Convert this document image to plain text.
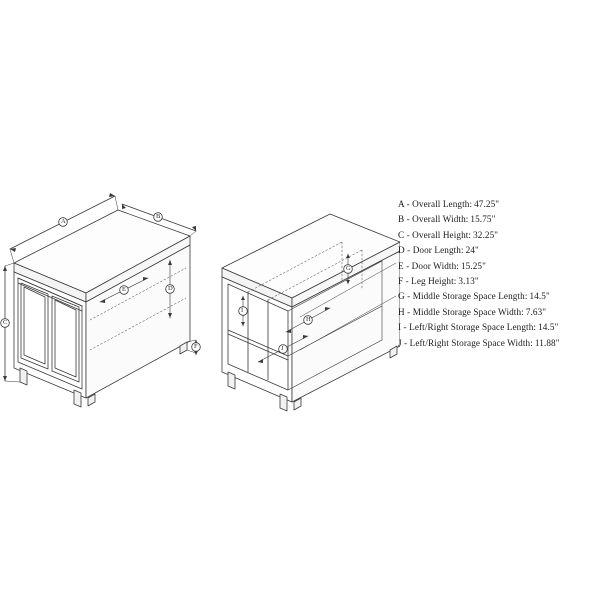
A
B
C
D
E
F
G
H
I
J
A - Overall Length: 47.25"
B - Overall Width: 15.75"
C - Overall Height: 32.25"
D - Door Length: 24"
E - Door Width: 15.25"
F - Leg Height: 3.13"
G - Middle Storage Space Length: 14.5"
H - Middle Storage Space Width: 7.63"
I - Left/Right Storage Space Length: 14.5"
J - Left/Right Storage Space Width: 11.88"
